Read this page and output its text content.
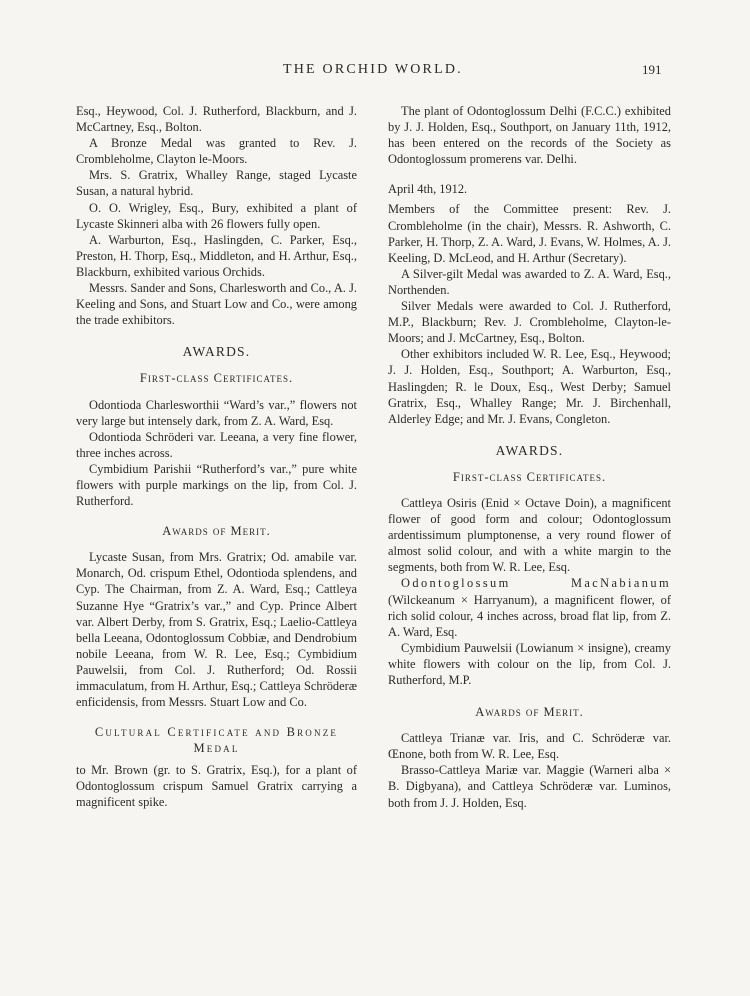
THE ORCHID WORLD.	191

Esq., Heywood, Col. J. Rutherford, Blackburn, and J. McCartney, Esq., Bolton.

A Bronze Medal was granted to Rev. J. Crombleholme, Clayton le-Moors.

Mrs. S. Gratrix, Whalley Range, staged Lycaste Susan, a natural hybrid.

O. O. Wrigley, Esq., Bury, exhibited a plant of Lycaste Skinneri alba with 26 flowers fully open.

A. Warburton, Esq., Haslingden, C. Parker, Esq., Preston, H. Thorp, Esq., Middleton, and H. Arthur, Esq., Blackburn, exhibited various Orchids.

Messrs. Sander and Sons, Charlesworth and Co., A. J. Keeling and Sons, and Stuart Low and Co., were among the trade exhibitors.

AWARDS.
First-class Certificates.

Odontioda Charlesworthii “Ward’s var.,” flowers not very large but intensely dark, from Z. A. Ward, Esq.

Odontioda Schröderi var. Leeana, a very fine flower, three inches across.

Cymbidium Parishii “Rutherford’s var.,” pure white flowers with purple markings on the lip, from Col. J. Rutherford.

Awards of Merit.

Lycaste Susan, from Mrs. Gratrix; Od. amabile var. Monarch, Od. crispum Ethel, Odontioda splendens, and Cyp. The Chairman, from Z. A. Ward, Esq.; Cattleya Suzanne Hye “Gratrix’s var.,” and Cyp. Prince Albert var. Albert Derby, from S. Gratrix, Esq.; Laelio-Cattleya bella Leeana, Odontoglossum Cobbiæ, and Dendrobium nobile Leeana, from W. R. Lee, Esq.; Cymbidium Pauwelsii, from Col. J. Rutherford; Od. Rossii immaculatum, from H. Arthur, Esq.; Cattleya Schröderæ enficidensis, from Messrs. Stuart Low and Co.

Cultural Certificate and Bronze
Medal

to Mr. Brown (gr. to S. Gratrix, Esq.), for a plant of Odontoglossum crispum Samuel Gratrix carrying a magnificent spike.

The plant of Odontoglossum Delhi (F.C.C.) exhibited by J. J. Holden, Esq., Southport, on January 11th, 1912, has been entered on the records of the Society as Odontoglossum promerens var. Delhi.

April 4th, 1912.

Members of the Committee present: Rev. J. Crombleholme (in the chair), Messrs. R. Ashworth, C. Parker, H. Thorp, Z. A. Ward, J. Evans, W. Holmes, A. J. Keeling, D. McLeod, and H. Arthur (Secretary).

A Silver-gilt Medal was awarded to Z. A. Ward, Esq., Northenden.

Silver Medals were awarded to Col. J. Rutherford, M.P., Blackburn; Rev. J. Crombleholme, Clayton-le-Moors; and J. McCartney, Esq., Bolton.

Other exhibitors included W. R. Lee, Esq., Heywood; J. J. Holden, Esq., Southport; A. Warburton, Esq., Haslingden; R. le Doux, Esq., West Derby; Samuel Gratrix, Esq., Whalley Range; Mr. J. Birchenhall, Alderley Edge; and Mr. J. Evans, Congleton.

AWARDS.
First-class Certificates.

Cattleya Osiris (Enid × Octave Doin), a magnificent flower of good form and colour; Odontoglossum ardentissimum plumptonense, a very round flower of almost solid colour, and with a white margin to the segments, both from W. R. Lee, Esq.

Odontoglossum MacNabianum (Wilckeanum × Harryanum), a magnificent flower, of rich solid colour, 4 inches across, broad flat lip, from Z. A. Ward, Esq.

Cymbidium Pauwelsii (Lowianum × insigne), creamy white flowers with colour on the lip, from Col. J. Rutherford, M.P.

Awards of Merit.

Cattleya Trianæ var. Iris, and C. Schröderæ var. Œnone, both from W. R. Lee, Esq.

Brasso-Cattleya Mariæ var. Maggie (Warneri alba × B. Digbyana), and Cattleya Schröderæ var. Luminos, both from J. J. Holden, Esq.
